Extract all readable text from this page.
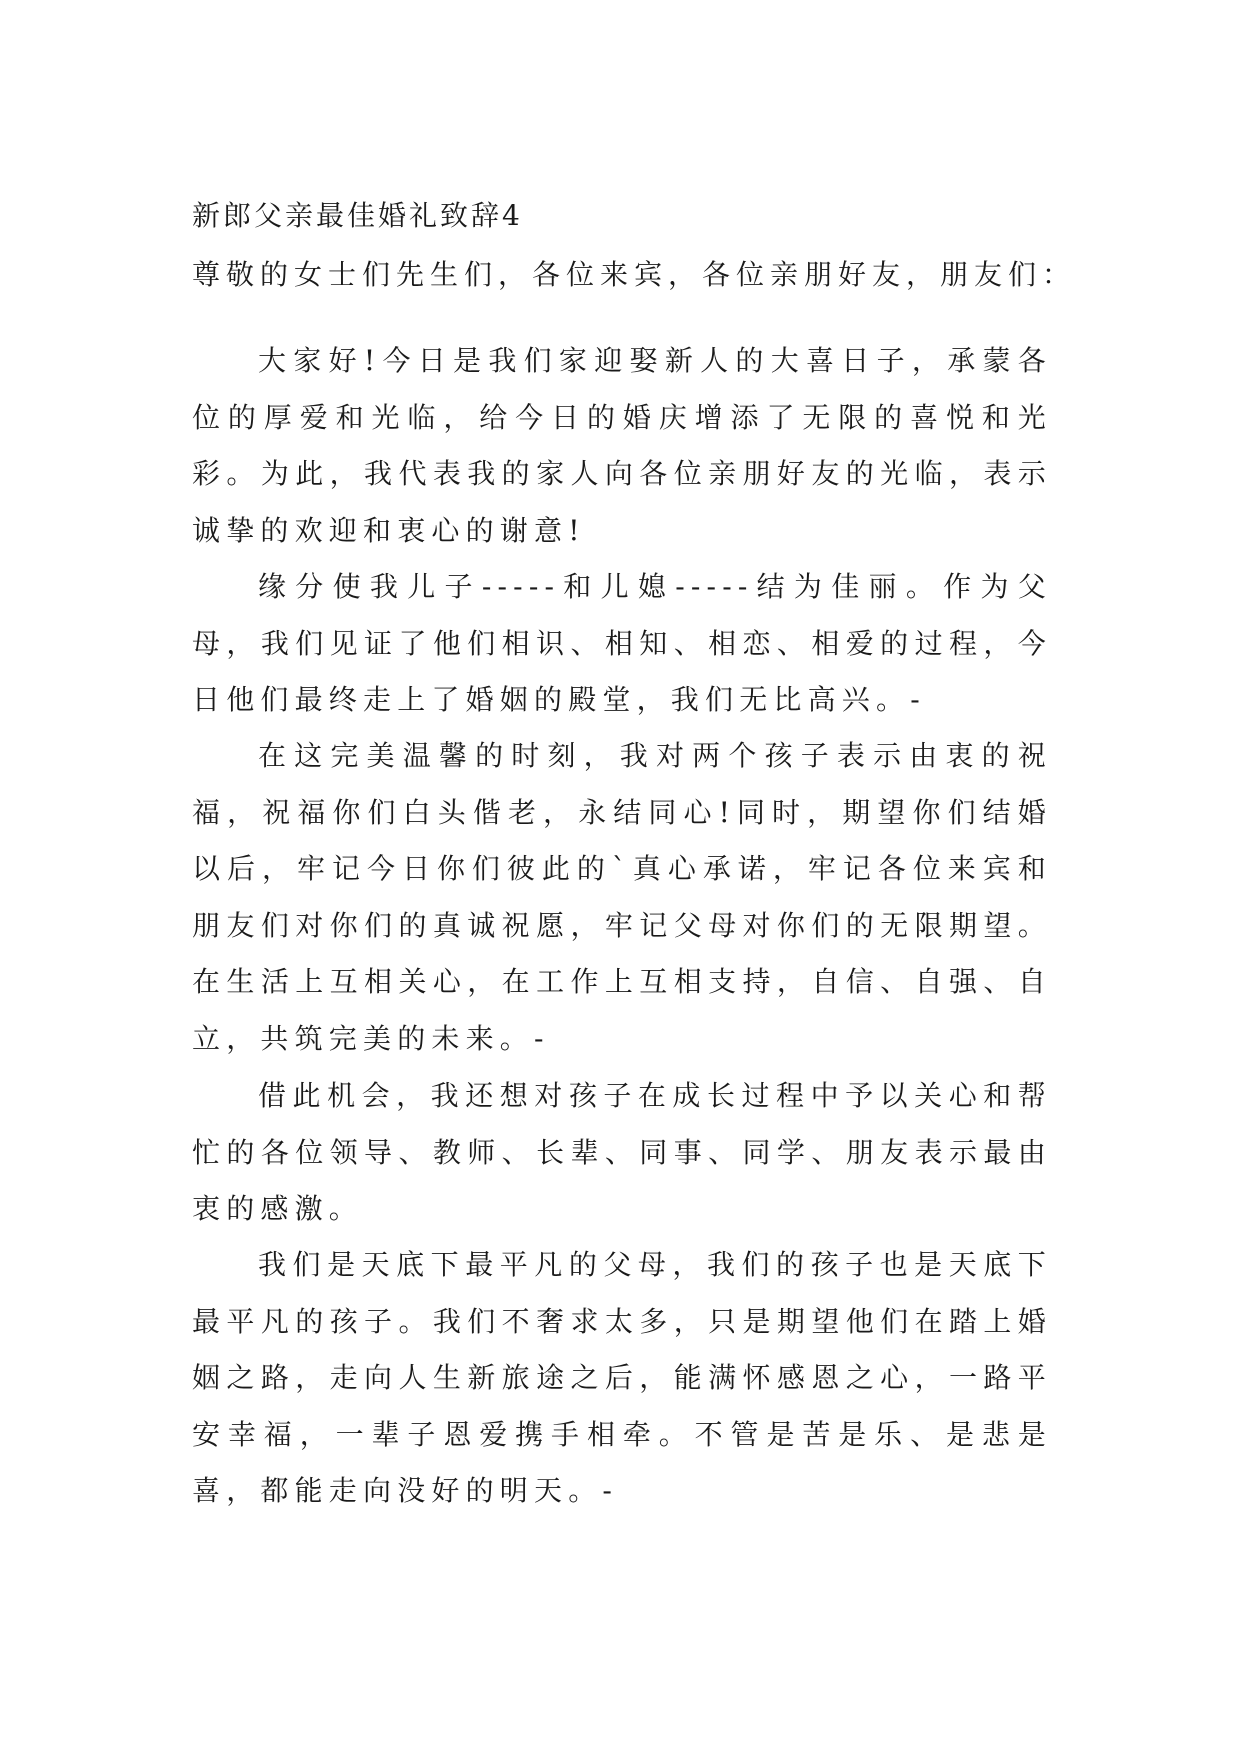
新郎父亲最佳婚礼致辞4
尊敬的女士们先生们，各位来宾，各位亲朋好友，朋友们：

大家好!今日是我们家迎娶新人的大喜日子，承蒙各位的厚爱和光临，给今日的婚庆增添了无限的喜悦和光彩。为此，我代表我的家人向各位亲朋好友的光临，表示诚挚的欢迎和衷心的谢意!

缘分使我儿子-----和儿媳-----结为佳丽。作为父母，我们见证了他们相识、相知、相恋、相爱的过程，今日他们最终走上了婚姻的殿堂，我们无比高兴。-

在这完美温馨的时刻，我对两个孩子表示由衷的祝福，祝福你们白头偕老，永结同心!同时，期望你们结婚以后，牢记今日你们彼此的`真心承诺，牢记各位来宾和朋友们对你们的真诚祝愿，牢记父母对你们的无限期望。在生活上互相关心，在工作上互相支持，自信、自强、自立，共筑完美的未来。-

借此机会，我还想对孩子在成长过程中予以关心和帮忙的各位领导、教师、长辈、同事、同学、朋友表示最由衷的感激。

我们是天底下最平凡的父母，我们的孩子也是天底下最平凡的孩子。我们不奢求太多，只是期望他们在踏上婚姻之路，走向人生新旅途之后，能满怀感恩之心，一路平安幸福，一辈子恩爱携手相牵。不管是苦是乐、是悲是喜，都能走向没好的明天。-
